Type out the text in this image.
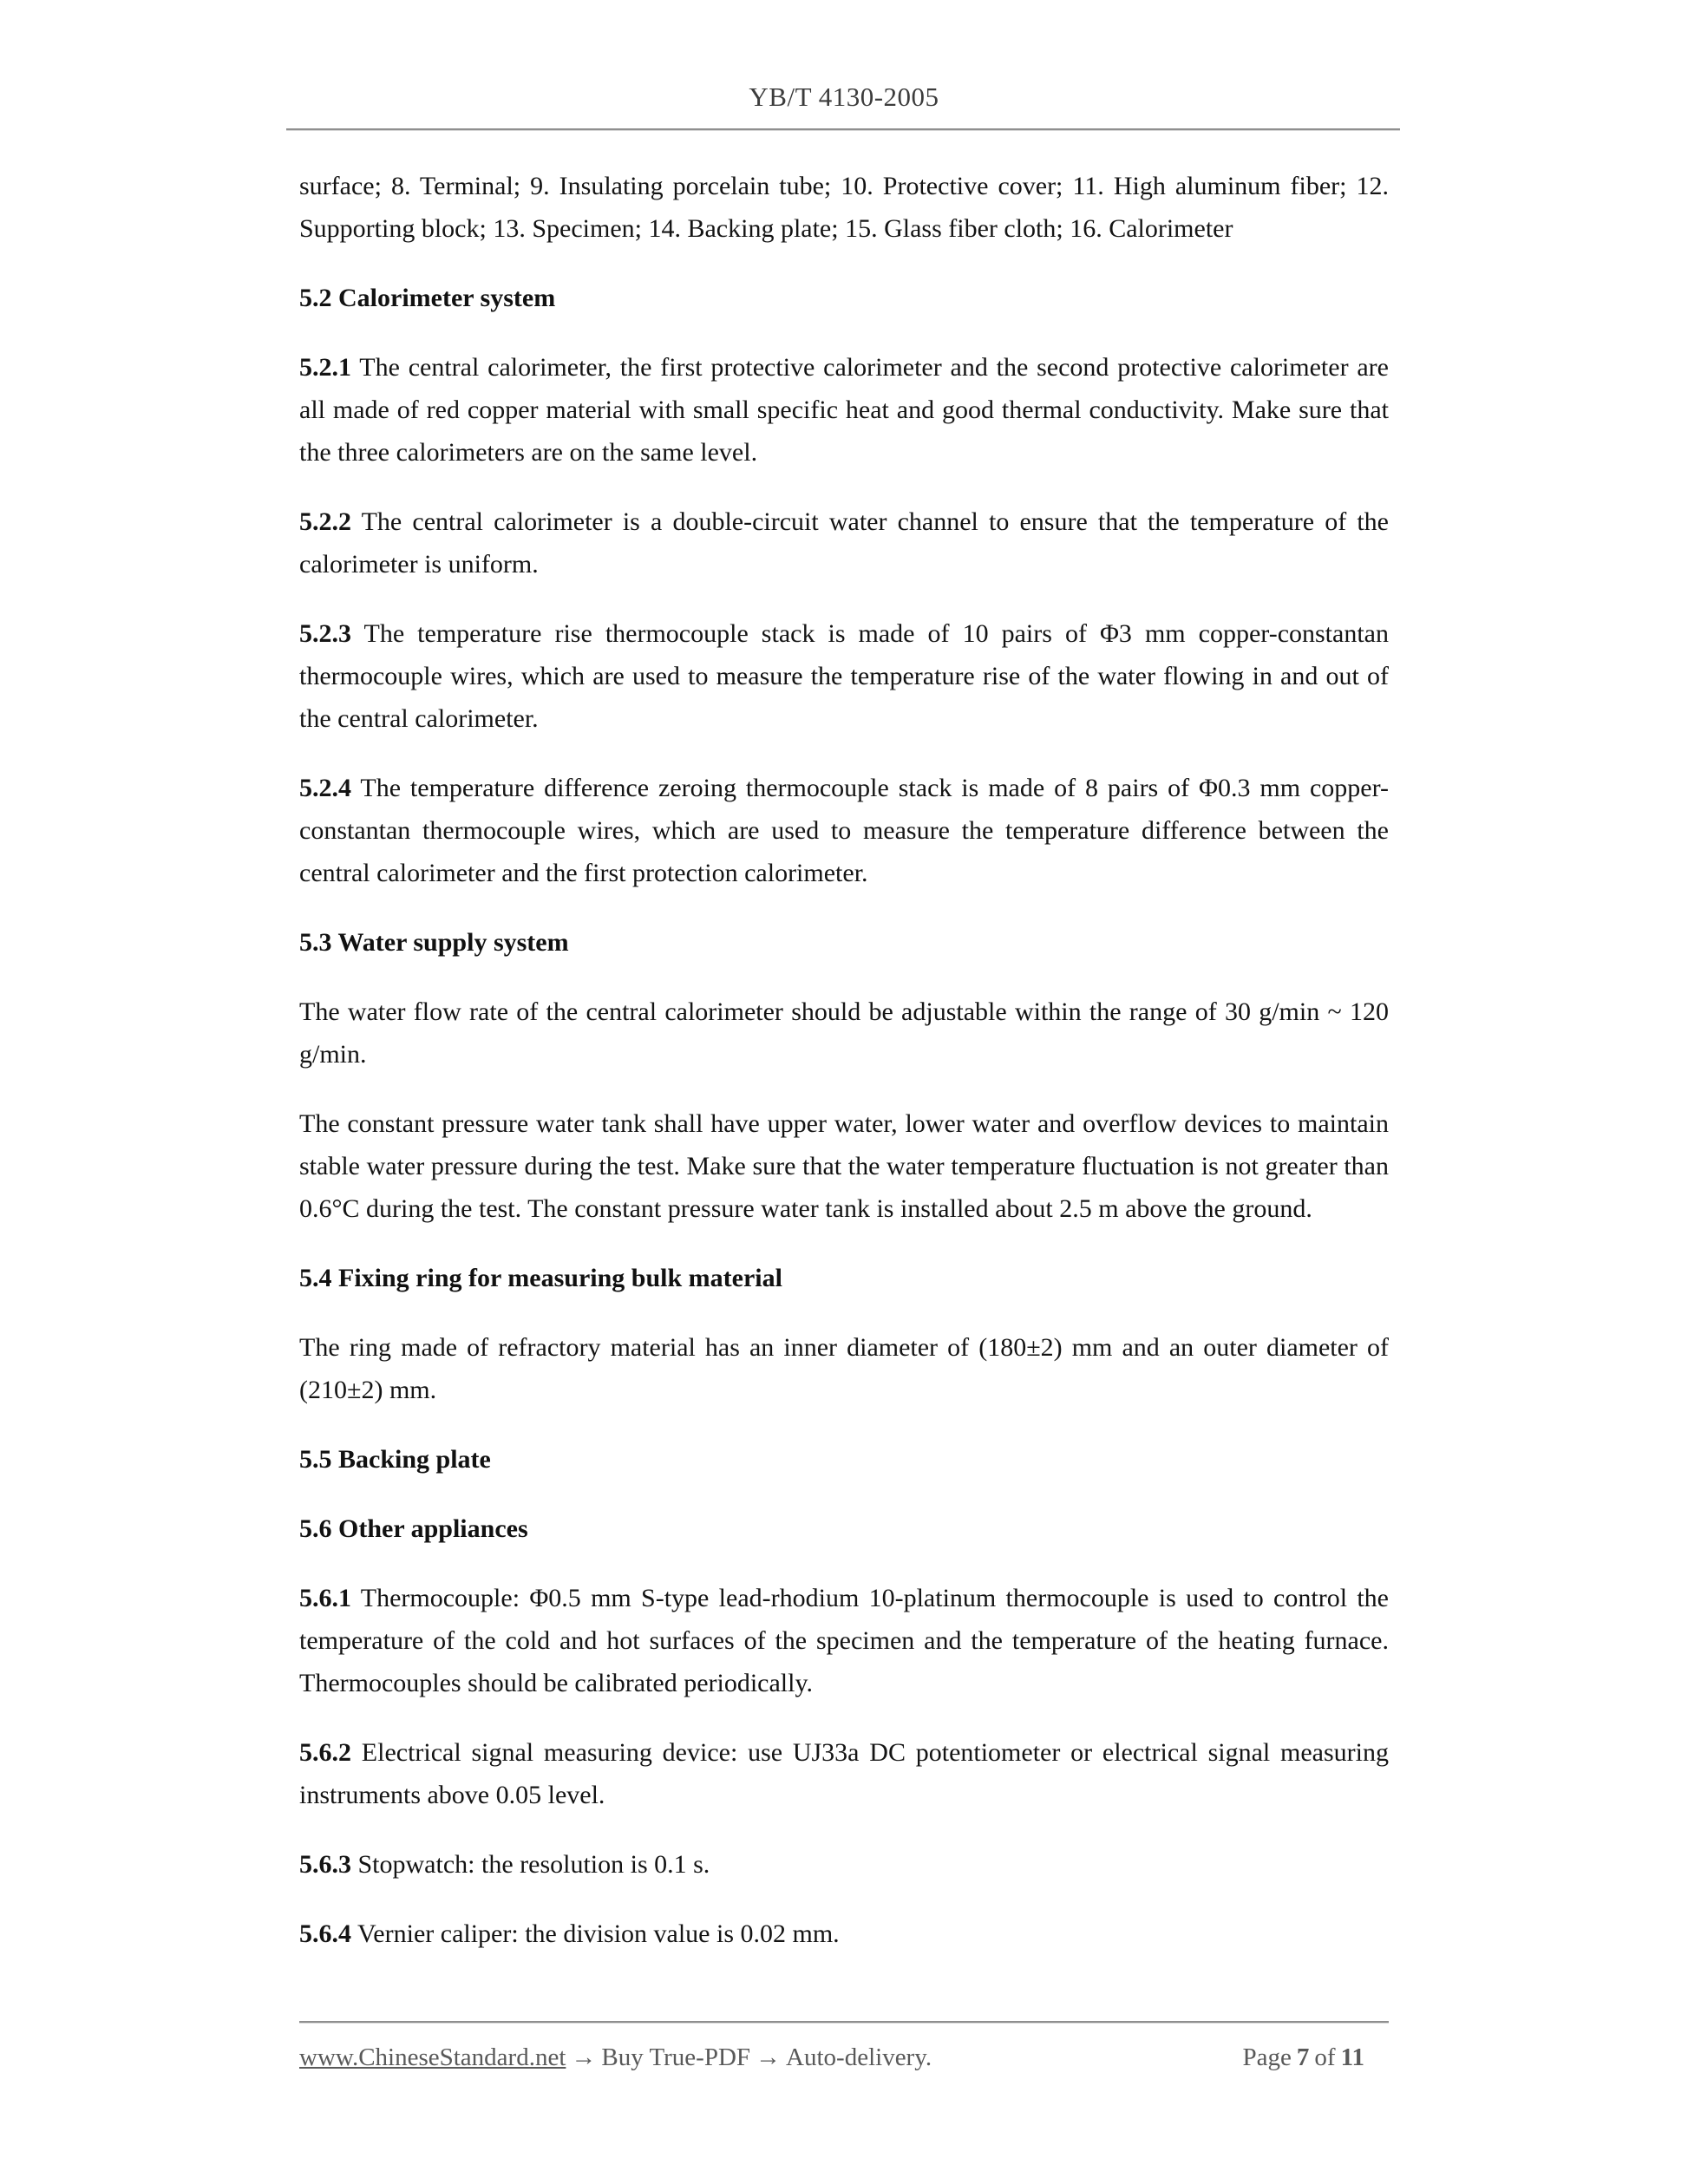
YB/T 4130-2005

surface; 8. Terminal; 9. Insulating porcelain tube; 10. Protective cover; 11. High aluminum fiber; 12. Supporting block; 13. Specimen; 14. Backing plate; 15. Glass fiber cloth; 16. Calorimeter

5.2 Calorimeter system

5.2.1 The central calorimeter, the first protective calorimeter and the second protective calorimeter are all made of red copper material with small specific heat and good thermal conductivity. Make sure that the three calorimeters are on the same level.

5.2.2 The central calorimeter is a double-circuit water channel to ensure that the temperature of the calorimeter is uniform.

5.2.3 The temperature rise thermocouple stack is made of 10 pairs of Φ3 mm copper-constantan thermocouple wires, which are used to measure the temperature rise of the water flowing in and out of the central calorimeter.

5.2.4 The temperature difference zeroing thermocouple stack is made of 8 pairs of Φ0.3 mm copper-constantan thermocouple wires, which are used to measure the temperature difference between the central calorimeter and the first protection calorimeter.

5.3 Water supply system

The water flow rate of the central calorimeter should be adjustable within the range of 30 g/min ~ 120 g/min.

The constant pressure water tank shall have upper water, lower water and overflow devices to maintain stable water pressure during the test. Make sure that the water temperature fluctuation is not greater than 0.6°C during the test. The constant pressure water tank is installed about 2.5 m above the ground.

5.4 Fixing ring for measuring bulk material

The ring made of refractory material has an inner diameter of (180±2) mm and an outer diameter of (210±2) mm.

5.5 Backing plate
5.6 Other appliances

5.6.1 Thermocouple: Φ0.5 mm S-type lead-rhodium 10-platinum thermocouple is used to control the temperature of the cold and hot surfaces of the specimen and the temperature of the heating furnace. Thermocouples should be calibrated periodically.

5.6.2 Electrical signal measuring device: use UJ33a DC potentiometer or electrical signal measuring instruments above 0.05 level.

5.6.3 Stopwatch: the resolution is 0.1 s.

5.6.4 Vernier caliper: the division value is 0.02 mm.

www.ChineseStandard.net → Buy True-PDF → Auto-delivery.	Page 7 of 11
